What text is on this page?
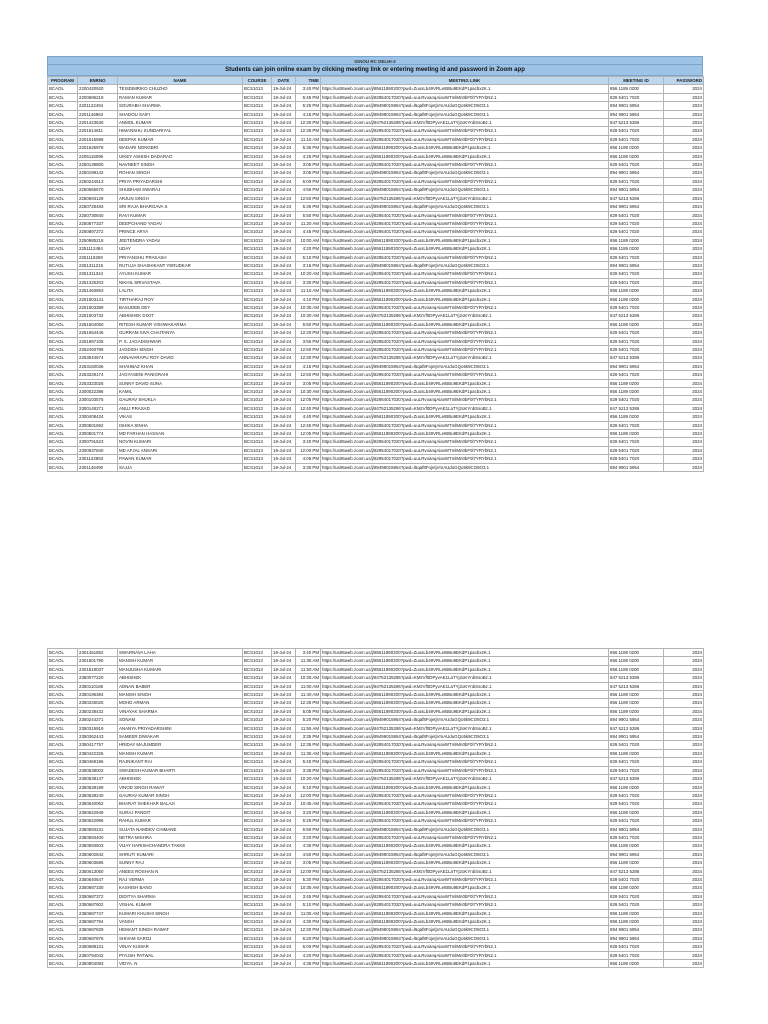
IGNOU RC DELHI-3
Students can join online exam by clicking meeting link or entering meeting id and password in Zoom app
PROGRAM	ENRNO	NAME	COURSE	DATE	TIME	MEETING LINK	MEETING ID	PASSWORD
BCAOL	2200420920	TEISDIMRIKO CHUZHO	BCS1013	19-Jul-24	3:40 PM	https://us06web.zoom.us/j/85611890200?pwd=ZuosLb49VRLeIBBu9EKdP1pacbx2K.1	856 1189 0200	2024
BCAOL	2200696219	RAMAN KUMAR	BCS1013	19-Jul-24	5:45 PM	https://us06web.zoom.us/j/82954017020?pwd=uuLRvoanqAiavWTmlMn0bF0l7YRYbN2.1	829 5401 7020	2024
BCAOL	2201122494	SOURABH SHARMA	BCS1013	19-Jul-24	5:25 PM	https://us06web.zoom.us/j/89499015954?pwd=l5qaf8FojetjVmAUduGQo5k9CO5O3.1	894 9901 5954	2024
BCAOL	2201146963	SHADOU SAIFI	BCS1013	19-Jul-24	4:15 PM	https://us06web.zoom.us/j/89499015954?pwd=l5qaf8FojetjVmAUduGQo5k9CO5O3.1	894 9901 5954	2024
BCAOL	2201423630	ANMOL KUMAR	BCS1013	19-Jul-24	12:30 PM	https://us06web.zoom.us/j/84752135286?pwd=KMzVf0DPyvAE1LaTYj2oKYnbSsoBz.1	847 5213 5286	2024
BCAOL	2201614811	HIMANSHU SUNDARIYAL	BCS1013	19-Jul-24	12:35 PM	https://us06web.zoom.us/j/82954017020?pwd=uuLRvoanqAiavWTmlMn0bF0l7YRYbN2.1	829 5401 7020	2024
BCAOL	2201615588	DEEPAK KUMAR	BCS1013	19-Jul-24	11:15 AM	https://us06web.zoom.us/j/82954017020?pwd=uuLRvoanqAiavWTmlMn0bF0l7YRYbN2.1	829 5401 7020	2024
BCAOL	2201626978	WADARI NONGBRI	BCS1013	19-Jul-24	5:35 PM	https://us06web.zoom.us/j/85611890200?pwd=ZuosLb49VRLeIBBu9EKdP1pacbx2K.1	856 1189 0200	2024
BCAOL	2205115096	UIKEY ASHISH DADARAO	BCS1013	19-Jul-24	4:25 PM	https://us06web.zoom.us/j/85611890200?pwd=ZuosLb49VRLeIBBu9EKdP1pacbx2K.1	856 1189 0200	2024
BCAOL	2250139800	NAVNEET SINGH	BCS1013	19-Jul-24	3:05 PM	https://us06web.zoom.us/j/82954017020?pwd=uuLRvoanqAiavWTmlMn0bF0l7YRYbN2.1	829 5401 7020	2024
BCAOL	2250199142	ROHAN SINGH	BCS1013	19-Jul-24	3:05 PM	https://us06web.zoom.us/j/89499015954?pwd=l5qaf8FojetjVmAUduGQo5k9CO5O3.1	894 9901 5954	2024
BCAOL	2250244513	PRIYA PRIYADARSHI	BCS1013	19-Jul-24	5:00 PM	https://us06web.zoom.us/j/82954017020?pwd=uuLRvoanqAiavWTmlMn0bF0l7YRYbN2.1	829 5401 7020	2024
BCAOL	2250655670	SHUBHAM SWARAJ	BCS1013	19-Jul-24	4:55 PM	https://us06web.zoom.us/j/89499015954?pwd=l5qaf8FojetjVmAUduGQo5k9CO5O3.1	894 9901 5954	2024
BCAOL	2250693129	ARJUN SINGH	BCS1013	19-Jul-24	12:50 PM	https://us06web.zoom.us/j/84752135286?pwd=KMzVf0DPyvAE1LaTYj2oKYnbSsoBz.1	847 5213 5286	2024
BCAOL	2250728483	SRI RAJA BHARGAVA S	BCS1013	19-Jul-24	5:35 PM	https://us06web.zoom.us/j/89499015954?pwd=l5qaf8FojetjVmAUduGQo5k9CO5O3.1	894 9901 5954	2024
BCAOL	2250730840	RAVI KUMAR	BCS1013	19-Jul-24	5:50 PM	https://us06web.zoom.us/j/82954017020?pwd=uuLRvoanqAiavWTmlMn0bF0l7YRYbN2.1	829 5401 7020	2024
BCAOL	2250877337	DEEPCHAND YADAV	BCS1013	19-Jul-24	11:20 AM	https://us06web.zoom.us/j/82954017020?pwd=uuLRvoanqAiavWTmlMn0bF0l7YRYbN2.1	829 5401 7020	2024
BCAOL	2250897272	PRINCE ARYA	BCS1013	19-Jul-24	4:45 PM	https://us06web.zoom.us/j/82954017020?pwd=uuLRvoanqAiavWTmlMn0bF0l7YRYbN2.1	829 5401 7020	2024
BCAOL	2250985218	JEETENDRA YADAV	BCS1013	19-Jul-24	10:00 AM	https://us06web.zoom.us/j/85611890200?pwd=ZuosLb49VRLeIBBu9EKdP1pacbx2K.1	856 1189 0200	2024
BCAOL	2251112484	UDAY	BCS1013	19-Jul-24	4:20 PM	https://us06web.zoom.us/j/85611890200?pwd=ZuosLb49VRLeIBBu9EKdP1pacbx2K.1	856 1189 0200	2024
BCAOL	2251118269	PRIYANSHU PRAKASH	BCS1013	19-Jul-24	5:10 PM	https://us06web.zoom.us/j/82954017020?pwd=uuLRvoanqAiavWTmlMn0bF0l7YRYbN2.1	829 5401 7020	2024
BCAOL	2251311215	RUTUJA SHASHIKANT YERUDKAR	BCS1013	19-Jul-24	3:15 PM	https://us06web.zoom.us/j/89499015954?pwd=l5qaf8FojetjVmAUduGQo5k9CO5O3.1	894 9901 5954	2024
BCAOL	2251311344	AYUSH KUMAR	BCS1013	19-Jul-24	10:20 AM	https://us06web.zoom.us/j/82954017020?pwd=uuLRvoanqAiavWTmlMn0bF0l7YRYbN2.1	829 5401 7020	2024
BCAOL	2251325203	NIKHIL SRIVASTAVA	BCS1013	19-Jul-24	3:30 PM	https://us06web.zoom.us/j/82954017020?pwd=uuLRvoanqAiavWTmlMn0bF0l7YRYbN2.1	829 5401 7020	2024
BCAOL	2251493953	LALITA	BCS1013	19-Jul-24	11:15 AM	https://us06web.zoom.us/j/85611890200?pwd=ZuosLb49VRLeIBBu9EKdP1pacbx2K.1	856 1189 0200	2024
BCAOL	2251503141	TIRTHARAJ ROY	BCS1013	19-Jul-24	4:10 PM	https://us06web.zoom.us/j/85611890200?pwd=ZuosLb49VRLeIBBu9EKdP1pacbx2K.1	856 1189 0200	2024
BCAOL	2251503389	BASUDEB DEY	BCS1013	19-Jul-24	10:35 AM	https://us06web.zoom.us/j/82954017020?pwd=uuLRvoanqAiavWTmlMn0bF0l7YRYbN2.1	829 5401 7020	2024
BCAOL	2251503732	ABHISHEK DIXIT	BCS1013	19-Jul-24	10:30 AM	https://us06web.zoom.us/j/84752135286?pwd=KMzVf0DPyvAE1LaTYj2oKYnbSsoBz.1	847 5213 5286	2024
BCAOL	2251504050	RITESH KUMAR VISHWAKARMA	BCS1013	19-Jul-24	5:50 PM	https://us06web.zoom.us/j/85611890200?pwd=ZuosLb49VRLeIBBu9EKdP1pacbx2K.1	856 1189 0200	2024
BCAOL	2251654446	GURRAM SIVA CHAITANYA	BCS1013	19-Jul-24	12:20 PM	https://us06web.zoom.us/j/82954017020?pwd=uuLRvoanqAiavWTmlMn0bF0l7YRYbN2.1	829 5401 7020	2024
BCAOL	2251997105	P. S. JAGADISHWAR	BCS1013	19-Jul-24	3:55 PM	https://us06web.zoom.us/j/82954017020?pwd=uuLRvoanqAiavWTmlMn0bF0l7YRYbN2.1	829 5401 7020	2024
BCAOL	2252493789	JAGDISH SINGH	BCS1013	19-Jul-24	12:50 PM	https://us06web.zoom.us/j/82954017020?pwd=uuLRvoanqAiavWTmlMn0bF0l7YRYbN2.1	829 5401 7020	2024
BCAOL	2253044674	ANNAVARAPU ROY DAVID	BCS1013	19-Jul-24	12:30 PM	https://us06web.zoom.us/j/84752135286?pwd=KMzVf0DPyvAE1LaTYj2oKYnbSsoBz.1	847 5213 5286	2024
BCAOL	2253160036	SHAHBAZ KHAN	BCS1013	19-Jul-24	4:15 PM	https://us06web.zoom.us/j/89499015954?pwd=l5qaf8FojetjVmAUduGQo5k9CO5O3.1	894 9901 5954	2024
BCAOL	2253229174	JAGYASENI PANIGRAHI	BCS1013	19-Jul-24	12:50 PM	https://us06web.zoom.us/j/82954017020?pwd=uuLRvoanqAiavWTmlMn0bF0l7YRYbN2.1	829 5401 7020	2024
BCAOL	2253323025	SUNNY DAVID SUNA	BCS1013	19-Jul-24	3:05 PM	https://us06web.zoom.us/j/85611890200?pwd=ZuosLb49VRLeIBBu9EKdP1pacbx2K.1	856 1189 0200	2024
BCAOL	2300022386	KAMIL	BCS1013	19-Jul-24	10:30 AM	https://us06web.zoom.us/j/85611890200?pwd=ZuosLb49VRLeIBBu9EKdP1pacbx2K.1	856 1189 0200	2024
BCAOL	2300103575	GAURAV SHUKLA	BCS1013	19-Jul-24	12:05 PM	https://us06web.zoom.us/j/82954017020?pwd=uuLRvoanqAiavWTmlMn0bF0l7YRYbN2.1	829 5401 7020	2024
BCAOL	2300148271	ANUJ PRASAD	BCS1013	19-Jul-24	12:40 PM	https://us06web.zoom.us/j/84752135286?pwd=KMzVf0DPyvAE1LaTYj2oKYnbSsoBz.1	847 5213 5286	2024
BCAOL	2300408424	VIKAS	BCS1013	19-Jul-24	4:40 PM	https://us06web.zoom.us/j/85611890200?pwd=ZuosLb49VRLeIBBu9EKdP1pacbx2K.1	856 1189 0200	2024
BCAOL	2300501692	ISHIKA SINHA	BCS1013	19-Jul-24	12:45 PM	https://us06web.zoom.us/j/82954017020?pwd=uuLRvoanqAiavWTmlMn0bF0l7YRYbN2.1	829 5401 7020	2024
BCAOL	2300501774	MD FARHAN HASSAN	BCS1013	19-Jul-24	12:05 PM	https://us06web.zoom.us/j/85611890200?pwd=ZuosLb49VRLeIBBu9EKdP1pacbx2K.1	856 1189 0200	2024
BCAOL	2300791523	NOVIN KUMARI	BCS1013	19-Jul-24	3:40 PM	https://us06web.zoom.us/j/82954017020?pwd=uuLRvoanqAiavWTmlMn0bF0l7YRYbN2.1	829 5401 7020	2024
BCAOL	2300937840	MD AFJAL ANSARI	BCS1013	19-Jul-24	12:00 PM	https://us06web.zoom.us/j/82954017020?pwd=uuLRvoanqAiavWTmlMn0bF0l7YRYbN2.1	829 5401 7020	2024
BCAOL	2301142853	PAWAN KUMAR	BCS1013	19-Jul-24	4:05 PM	https://us06web.zoom.us/j/82954017020?pwd=uuLRvoanqAiavWTmlMn0bF0l7YRYbN2.1	829 5401 7020	2024
BCAOL	2301146490	SAJJA	BCS1013	19-Jul-24	3:30 PM	https://us06web.zoom.us/j/89499015954?pwd=l5qaf8FojetjVmAUduGQo5k9CO5O3.1	894 9901 5954	2024
BCAOL	2301451852	SWARNAVA LAHA	BCS1013	19-Jul-24	3:40 PM	https://us06web.zoom.us/j/85611890200?pwd=ZuosLb49VRLeIBBu9EKdP1pacbx2K.1	856 1189 0200	2024
BCAOL	2301501790	MANISH KUMAR	BCS1013	19-Jul-24	11:35 AM	https://us06web.zoom.us/j/85611890200?pwd=ZuosLb49VRLeIBBu9EKdP1pacbx2K.1	856 1189 0200	2024
BCAOL	2301519037	MANJUSHA KUMARI	BCS1013	19-Jul-24	11:50 AM	https://us06web.zoom.us/j/85611890200?pwd=ZuosLb49VRLeIBBu9EKdP1pacbx2K.1	856 1189 0200	2024
BCAOL	2350077220	ABHISHEK	BCS1013	19-Jul-24	10:25 AM	https://us06web.zoom.us/j/84752135286?pwd=KMzVf0DPyvAE1LaTYj2oKYnbSsoBz.1	847 5213 5286	2024
BCAOL	2350110185	ADNAN BABER	BCS1013	19-Jul-24	11:00 AM	https://us06web.zoom.us/j/84752135286?pwd=KMzVf0DPyvAE1LaTYj2oKYnbSsoBz.1	847 5213 5286	2024
BCAOL	2350196384	MANISH SINGH	BCS1013	19-Jul-24	11:40 AM	https://us06web.zoom.us/j/85611890200?pwd=ZuosLb49VRLeIBBu9EKdP1pacbx2K.1	856 1189 0200	2024
BCAOL	2350226025	MOHD ARMAN	BCS1013	19-Jul-24	12:35 PM	https://us06web.zoom.us/j/85611890200?pwd=ZuosLb49VRLeIBBu9EKdP1pacbx2K.1	856 1189 0200	2024
BCAOL	2350238432	VINAYAK SHARMA	BCS1013	19-Jul-24	5:05 PM	https://us06web.zoom.us/j/85611890200?pwd=ZuosLb49VRLeIBBu9EKdP1pacbx2K.1	856 1189 0200	2024
BCAOL	2350244271	SONAM	BCS1013	19-Jul-24	5:20 PM	https://us06web.zoom.us/j/89499015954?pwd=l5qaf8FojetjVmAUduGQo5k9CO5O3.1	894 9901 5954	2024
BCAOL	2350315919	ANANYA PRIYADARSHINI	BCS1013	19-Jul-24	11:55 AM	https://us06web.zoom.us/j/84752135286?pwd=KMzVf0DPyvAE1LaTYj2oKYnbSsoBz.1	847 5213 5286	2024
BCAOL	2350362443	SAMEER DIWAKAR	BCS1013	19-Jul-24	3:35 PM	https://us06web.zoom.us/j/89499015954?pwd=l5qaf8FojetjVmAUduGQo5k9CO5O3.1	894 9901 5954	2024
BCAOL	2350417757	HRIDAY MAJUMDER	BCS1013	19-Jul-24	12:35 PM	https://us06web.zoom.us/j/82954017020?pwd=uuLRvoanqAiavWTmlMn0bF0l7YRYbN2.1	829 5401 7020	2024
BCAOL	2350422326	MANISH KUMAR	BCS1013	19-Jul-24	11:35 AM	https://us06web.zoom.us/j/85611890200?pwd=ZuosLb49VRLeIBBu9EKdP1pacbx2K.1	856 1189 0200	2024
BCAOL	2350469196	RAJNIKANT RAI	BCS1013	19-Jul-24	5:40 PM	https://us06web.zoom.us/j/82954017020?pwd=uuLRvoanqAiavWTmlMn0bF0l7YRYbN2.1	829 5401 7020	2024
BCAOL	2350538002	SWADESH KUMAR BHARTI	BCS1013	19-Jul-24	3:35 PM	https://us06web.zoom.us/j/82954017020?pwd=uuLRvoanqAiavWTmlMn0bF0l7YRYbN2.1	829 5401 7020	2024
BCAOL	2350538147	ABHISHEK	BCS1013	19-Jul-24	10:20 AM	https://us06web.zoom.us/j/84752135286?pwd=KMzVf0DPyvAE1LaTYj2oKYnbSsoBz.1	847 5213 5286	2024
BCAOL	2350538189	VINOD SINGH RAWAT	BCS1013	19-Jul-24	5:10 PM	https://us06web.zoom.us/j/85611890200?pwd=ZuosLb49VRLeIBBu9EKdP1pacbx2K.1	856 1189 0200	2024
BCAOL	2350538240	GAURAV KUMAR SINGH	BCS1013	19-Jul-24	12:00 PM	https://us06web.zoom.us/j/82954017020?pwd=uuLRvoanqAiavWTmlMn0bF0l7YRYbN2.1	829 5401 7020	2024
BCAOL	2350540062	BHARAT SHEKHAR BALAJI	BCS1013	19-Jul-24	10:45 AM	https://us06web.zoom.us/j/82954017020?pwd=uuLRvoanqAiavWTmlMn0bF0l7YRYbN2.1	829 5401 7020	2024
BCAOL	2350542949	SURAJ PANDIT	BCS1013	19-Jul-24	3:20 PM	https://us06web.zoom.us/j/85611890200?pwd=ZuosLb49VRLeIBBu9EKdP1pacbx2K.1	856 1189 0200	2024
BCAOL	2350542996	RAHUL KUMAR	BCS1013	19-Jul-24	5:25 PM	https://us06web.zoom.us/j/82954017020?pwd=uuLRvoanqAiavWTmlMn0bF0l7YRYbN2.1	829 5401 7020	2024
BCAOL	2350593231	SUJATA NAMDEV CHIMANE	BCS1013	19-Jul-24	5:50 PM	https://us06web.zoom.us/j/89499015954?pwd=l5qaf8FojetjVmAUduGQo5k9CO5O3.1	894 9901 5954	2024
BCAOL	2350593400	NETRA MISHRA	BCS1013	19-Jul-24	3:20 PM	https://us06web.zoom.us/j/82954017020?pwd=uuLRvoanqAiavWTmlMn0bF0l7YRYbN2.1	829 5401 7020	2024
BCAOL	2350593503	VIJAY HARISHCHANDRA TAKKE	BCS1013	19-Jul-24	4:35 PM	https://us06web.zoom.us/j/85611890200?pwd=ZuosLb49VRLeIBBu9EKdP1pacbx2K.1	856 1189 0200	2024
BCAOL	2350602842	SHRUTI KUMARI	BCS1013	19-Jul-24	4:50 PM	https://us06web.zoom.us/j/89499015954?pwd=l5qaf8FojetjVmAUduGQo5k9CO5O3.1	894 9901 5954	2024
BCAOL	2350603685	SUNNY RAJ	BCS1013	19-Jul-24	3:05 PM	https://us06web.zoom.us/j/85611890200?pwd=ZuosLb49VRLeIBBu9EKdP1pacbx2K.1	856 1189 0200	2024
BCAOL	2350613050	ANEES ROSHAN N	BCS1013	19-Jul-24	12:00 PM	https://us06web.zoom.us/j/84752135286?pwd=KMzVf0DPyvAE1LaTYj2oKYnbSsoBz.1	847 5213 5286	2024
BCAOL	2350640647	RAJ VERMA	BCS1013	19-Jul-24	5:30 PM	https://us06web.zoom.us/j/82954017020?pwd=uuLRvoanqAiavWTmlMn0bF0l7YRYbN2.1	829 5401 7020	2024
BCAOL	2350687330	KASHISH BANO	BCS1013	19-Jul-24	10:35 AM	https://us06web.zoom.us/j/85611890200?pwd=ZuosLb49VRLeIBBu9EKdP1pacbx2K.1	856 1189 0200	2024
BCAOL	2350687372	DIDITYA SHARMA	BCS1013	19-Jul-24	3:45 PM	https://us06web.zoom.us/j/82954017020?pwd=uuLRvoanqAiavWTmlMn0bF0l7YRYbN2.1	829 5401 7020	2024
BCAOL	2350687602	VISHAL KUMAR	BCS1013	19-Jul-24	5:10 PM	https://us06web.zoom.us/j/82954017020?pwd=uuLRvoanqAiavWTmlMn0bF0l7YRYbN2.1	829 5401 7020	2024
BCAOL	2350687747	KUMARI KHUSHI SINGH	BCS1013	19-Jul-24	11:05 AM	https://us06web.zoom.us/j/85611890200?pwd=ZuosLb49VRLeIBBu9EKdP1pacbx2K.1	856 1189 0200	2024
BCAOL	2350687794	VANSH	BCS1013	19-Jul-24	4:30 PM	https://us06web.zoom.us/j/85611890200?pwd=ZuosLb49VRLeIBBu9EKdP1pacbx2K.1	856 1189 0200	2024
BCAOL	2350687829	HEMANT SINGH RAWAT	BCS1013	19-Jul-24	12:30 PM	https://us06web.zoom.us/j/89499015954?pwd=l5qaf8FojetjVmAUduGQo5k9CO5O3.1	894 9901 5954	2024
BCAOL	2350687876	SHIVAM SAROJ	BCS1013	19-Jul-24	5:20 PM	https://us06web.zoom.us/j/89499015954?pwd=l5qaf8FojetjVmAUduGQo5k9CO5O3.1	894 9901 5954	2024
BCAOL	2350688131	VINAY KUMAR	BCS1013	19-Jul-24	5:00 PM	https://us06web.zoom.us/j/82954017020?pwd=uuLRvoanqAiavWTmlMn0bF0l7YRYbN2.1	829 5401 7020	2024
BCAOL	2350794042	PIYUSH PATWAL	BCS1013	19-Jul-24	4:20 PM	https://us06web.zoom.us/j/82954017020?pwd=uuLRvoanqAiavWTmlMn0bF0l7YRYbN2.1	829 5401 7020	2024
BCAOL	2350804083	VIDYA. N	BCS1013	19-Jul-24	4:35 PM	https://us06web.zoom.us/j/85611890200?pwd=ZuosLb49VRLeIBBu9EKdP1pacbx2K.1	856 1189 0200	2024
